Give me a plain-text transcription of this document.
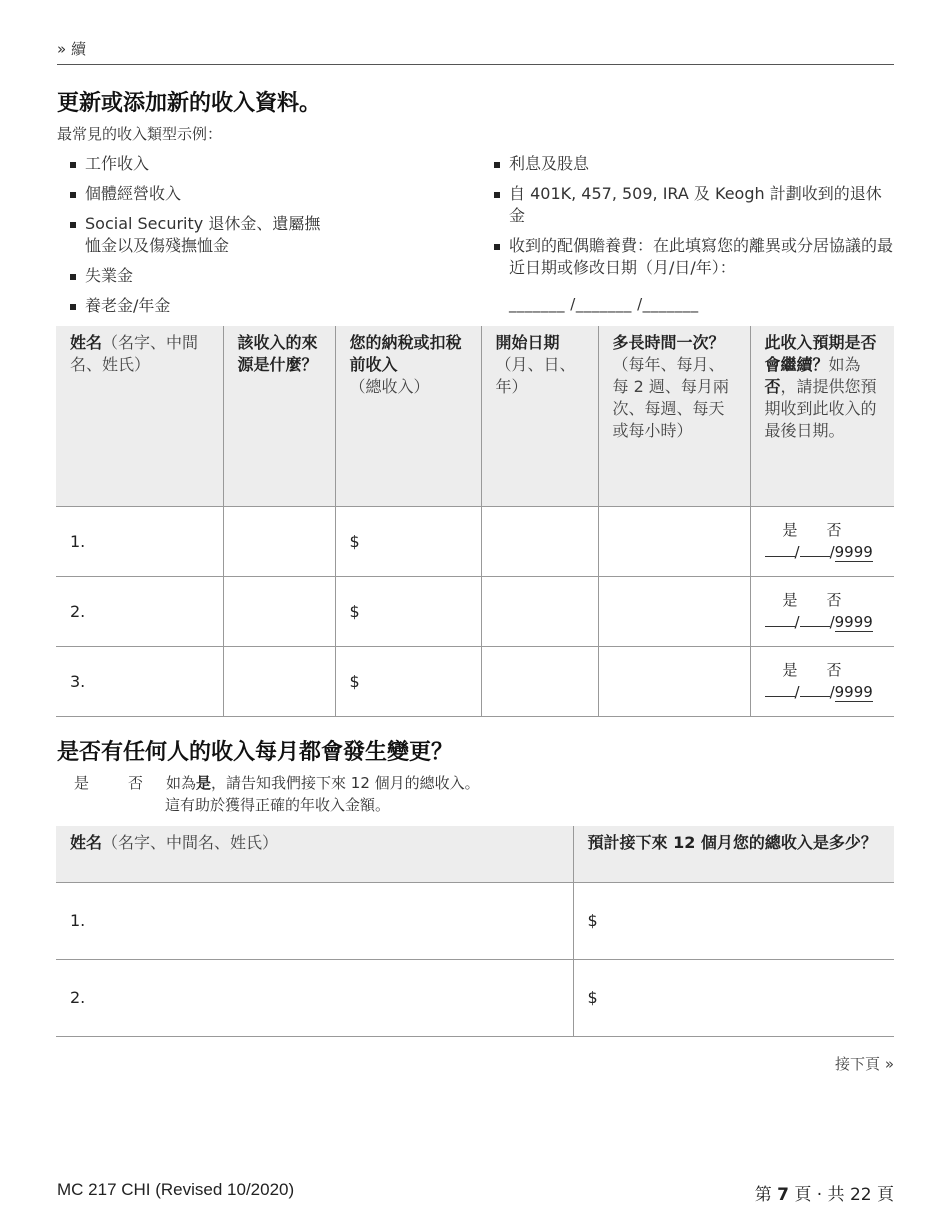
» 續
更新或添加新的收入資料。
最常見的收入類型示例：
工作收入
個體經營收入
Social Security 退休金、遺屬撫恤金以及傷殘撫恤金
失業金
養老金/年金
利息及股息
自 401K, 457, 509, IRA 及 Keogh 計劃收到的退休金
收到的配偶贍養費：在此填寫您的離異或分居協議的最近日期或修改日期（月/日/年）：
_______ /_______ /_______
姓名（名字、中間名、姓氏）	該收入的來源是什麼？	您的納稅或扣稅前收入
（總收入）	開始日期
（月、日、年）	多長時間一次？
（每年、每月、每 2 週、每月兩次、每週、每天或每小時）	此收入預期是否會繼續？如為否，請提供您預期收到此收入的最後日期。
1.		$			是 否
/ /9999

2.		$			是 否
/ /9999

3.		$			是 否
/ /9999
是否有任何人的收入每月都會發生變更？
是	否 如為是，請告知我們接下來 12 個月的總收入。
這有助於獲得正確的年收入金額。
姓名（名字、中間名、姓氏）	預計接下來 12 個月您的總收入是多少？
1.	$
2.	$
接下頁 »
MC 217 CHI (Revised 10/2020)	第 7 頁 · 共 22 頁
